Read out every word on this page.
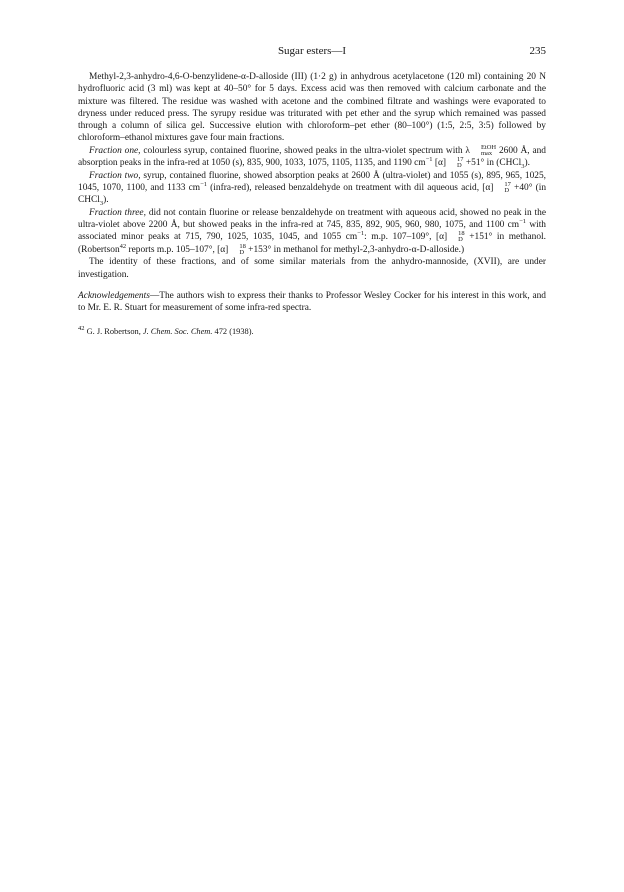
Sugar esters—I	235

Methyl-2,3-anhydro-4,6-O-benzylidene-α-D-alloside (III) (1·2 g) in anhydrous acetylacetone (120 ml) containing 20 N hydrofluoric acid (3 ml) was kept at 40–50° for 5 days. Excess acid was then removed with calcium carbonate and the mixture was filtered. The residue was washed with acetone and the combined filtrate and washings were evaporated to dryness under reduced press. The syrupy residue was triturated with pet ether and the syrup which remained was passed through a column of silica gel. Successive elution with chloroform–pet ether (80–100°) (1:5, 2:5, 3:5) followed by chloroform–ethanol mixtures gave four main fractions.

Fraction one, colourless syrup, contained fluorine, showed peaks in the ultra-violet spectrum with λ	EtOH
max 2600 Å, and absorption peaks in the infra-red at 1050 (s), 835, 900, 1033, 1075, 1105, 1135, and 1190 $cm^{-1}$ [α]	17
D +51° in (CHCl$_3$).

Fraction two, syrup, contained fluorine, showed absorption peaks at 2600 Å (ultra-violet) and 1055 (s), 895, 965, 1025, 1045, 1070, 1100, and 1133 $cm^{-1}$ (infra-red), released benzaldehyde on treatment with dil aqueous acid, [α]	17
D +40° (in CHCl$_3$).

Fraction three, did not contain fluorine or release benzaldehyde on treatment with aqueous acid, showed no peak in the ultra-violet above 2200 Å, but showed peaks in the infra-red at 745, 835, 892, 905, 960, 980, 1075, and 1100 $cm^{-1}$ with associated minor peaks at 715, 790, 1025, 1035, 1045, and 1055 $cm^{-1}$: m.p. 107–109°, [α]	18
D +151° in methanol. (Robertson$^{42}$ reports m.p. 105–107°, [α]	18
D +153° in methanol for methyl-2,3-anhydro-α-D-alloside.)

The identity of these fractions, and of some similar materials from the anhydro-mannoside, (XVII), are under investigation.

Acknowledgements—The authors wish to express their thanks to Professor Wesley Cocker for his interest in this work, and to Mr. E. R. Stuart for measurement of some infra-red spectra.

$^{42}$ G. J. Robertson, J. Chem. Soc. Chem. 472 (1938).
